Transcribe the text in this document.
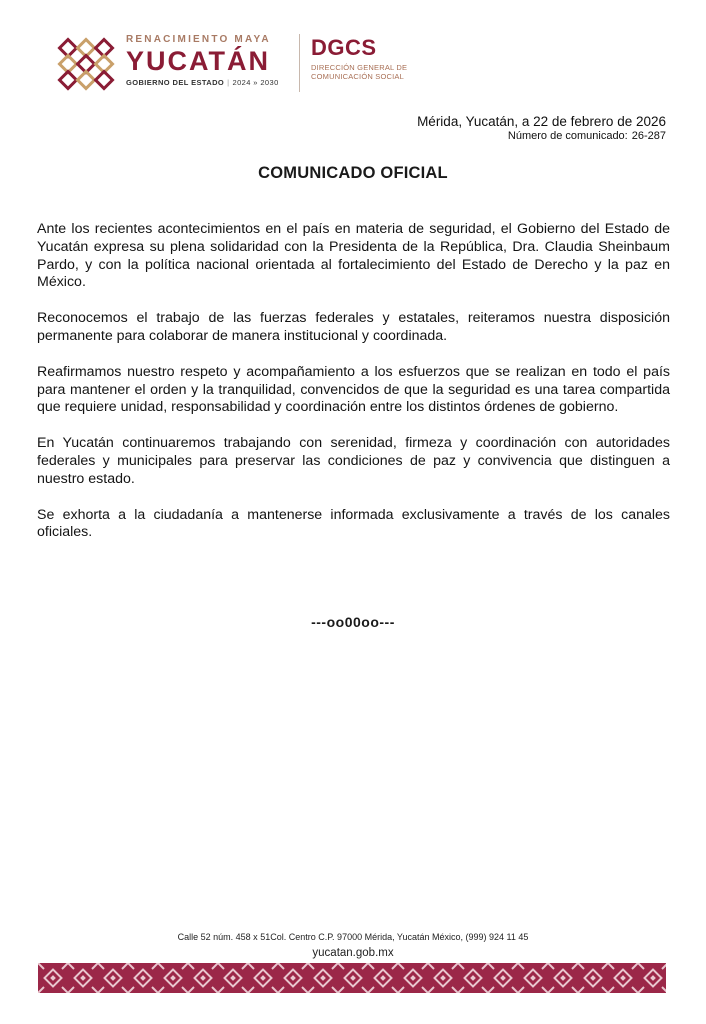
RENACIMIENTO MAYA
YUCATÁN
GOBIERNO DEL ESTADO | 2024 » 2030
DGCS
DIRECCIÓN GENERAL DE
COMUNICACIÓN SOCIAL
Mérida, Yucatán, a 22 de febrero de 2026
Número de comunicado: 26-287
COMUNICADO OFICIAL

Ante los recientes acontecimientos en el país en materia de seguridad, el Gobierno del Estado de Yucatán expresa su plena solidaridad con la Presidenta de la República, Dra. Claudia Sheinbaum Pardo, y con la política nacional orientada al fortalecimiento del Estado de Derecho y la paz en México.

Reconocemos el trabajo de las fuerzas federales y estatales, reiteramos nuestra disposición permanente para colaborar de manera institucional y coordinada.

Reafirmamos nuestro respeto y acompañamiento a los esfuerzos que se realizan en todo el país para mantener el orden y la tranquilidad, convencidos de que la seguridad es una tarea compartida que requiere unidad, responsabilidad y coordinación entre los distintos órdenes de gobierno.

En Yucatán continuaremos trabajando con serenidad, firmeza y coordinación con autoridades federales y municipales para preservar las condiciones de paz y convivencia que distinguen a nuestro estado.

Se exhorta a la ciudadanía a mantenerse informada exclusivamente a través de los canales oficiales.

---oo00oo---
Calle 52 núm. 458 x 51Col. Centro C.P. 97000 Mérida, Yucatán México, (999) 924 11 45
yucatan.gob.mx
